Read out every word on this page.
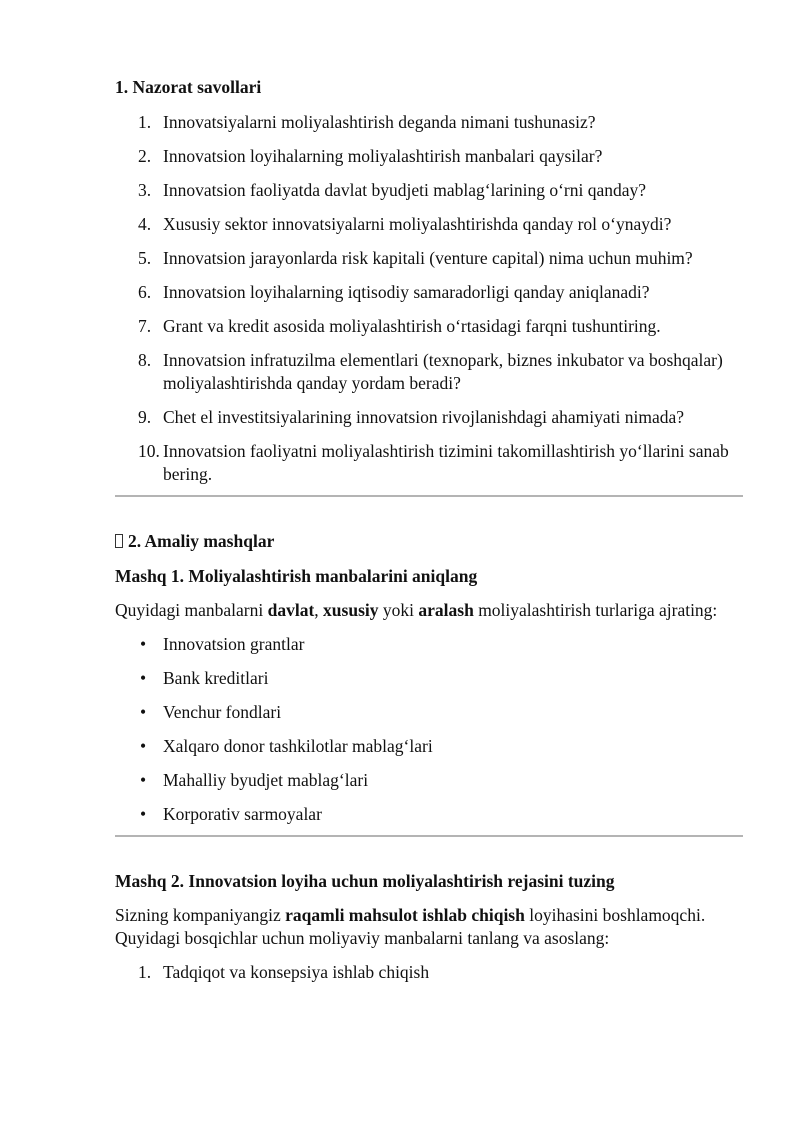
1. Nazorat savollari
1. Innovatsiyalarni moliyalashtirish deganda nimani tushunasiz?
2. Innovatsion loyihalarning moliyalashtirish manbalari qaysilar?
3. Innovatsion faoliyatda davlat byudjeti mablag‘larining o‘rni qanday?
4. Xususiy sektor innovatsiyalarni moliyalashtirishda qanday rol o‘ynaydi?
5. Innovatsion jarayonlarda risk kapitali (venture capital) nima uchun muhim?
6. Innovatsion loyihalarning iqtisodiy samaradorligi qanday aniqlanadi?
7. Grant va kredit asosida moliyalashtirish o‘rtasidagi farqni tushuntiring.
8. Innovatsion infratuzilma elementlari (texnopark, biznes inkubator va boshqalar) moliyalashtirishda qanday yordam beradi?
9. Chet el investitsiyalarining innovatsion rivojlanishdagi ahamiyati nimada?
10. Innovatsion faoliyatni moliyalashtirish tizimini takomillashtirish yo‘llarini sanab bering.
2. Amaliy mashqlar
Mashq 1. Moliyalashtirish manbalarini aniqlang
Quyidagi manbalarni davlat, xususiy yoki aralash moliyalashtirish turlariga ajrating:
• Innovatsion grantlar
• Bank kreditlari
• Venchur fondlari
• Xalqaro donor tashkilotlar mablag‘lari
• Mahalliy byudjet mablag‘lari
• Korporativ sarmoyalar
Mashq 2. Innovatsion loyiha uchun moliyalashtirish rejasini tuzing
Sizning kompaniyangiz raqamli mahsulot ishlab chiqish loyihasini boshlamoqchi. Quyidagi bosqichlar uchun moliyaviy manbalarni tanlang va asoslang:
1. Tadqiqot va konsepsiya ishlab chiqish
